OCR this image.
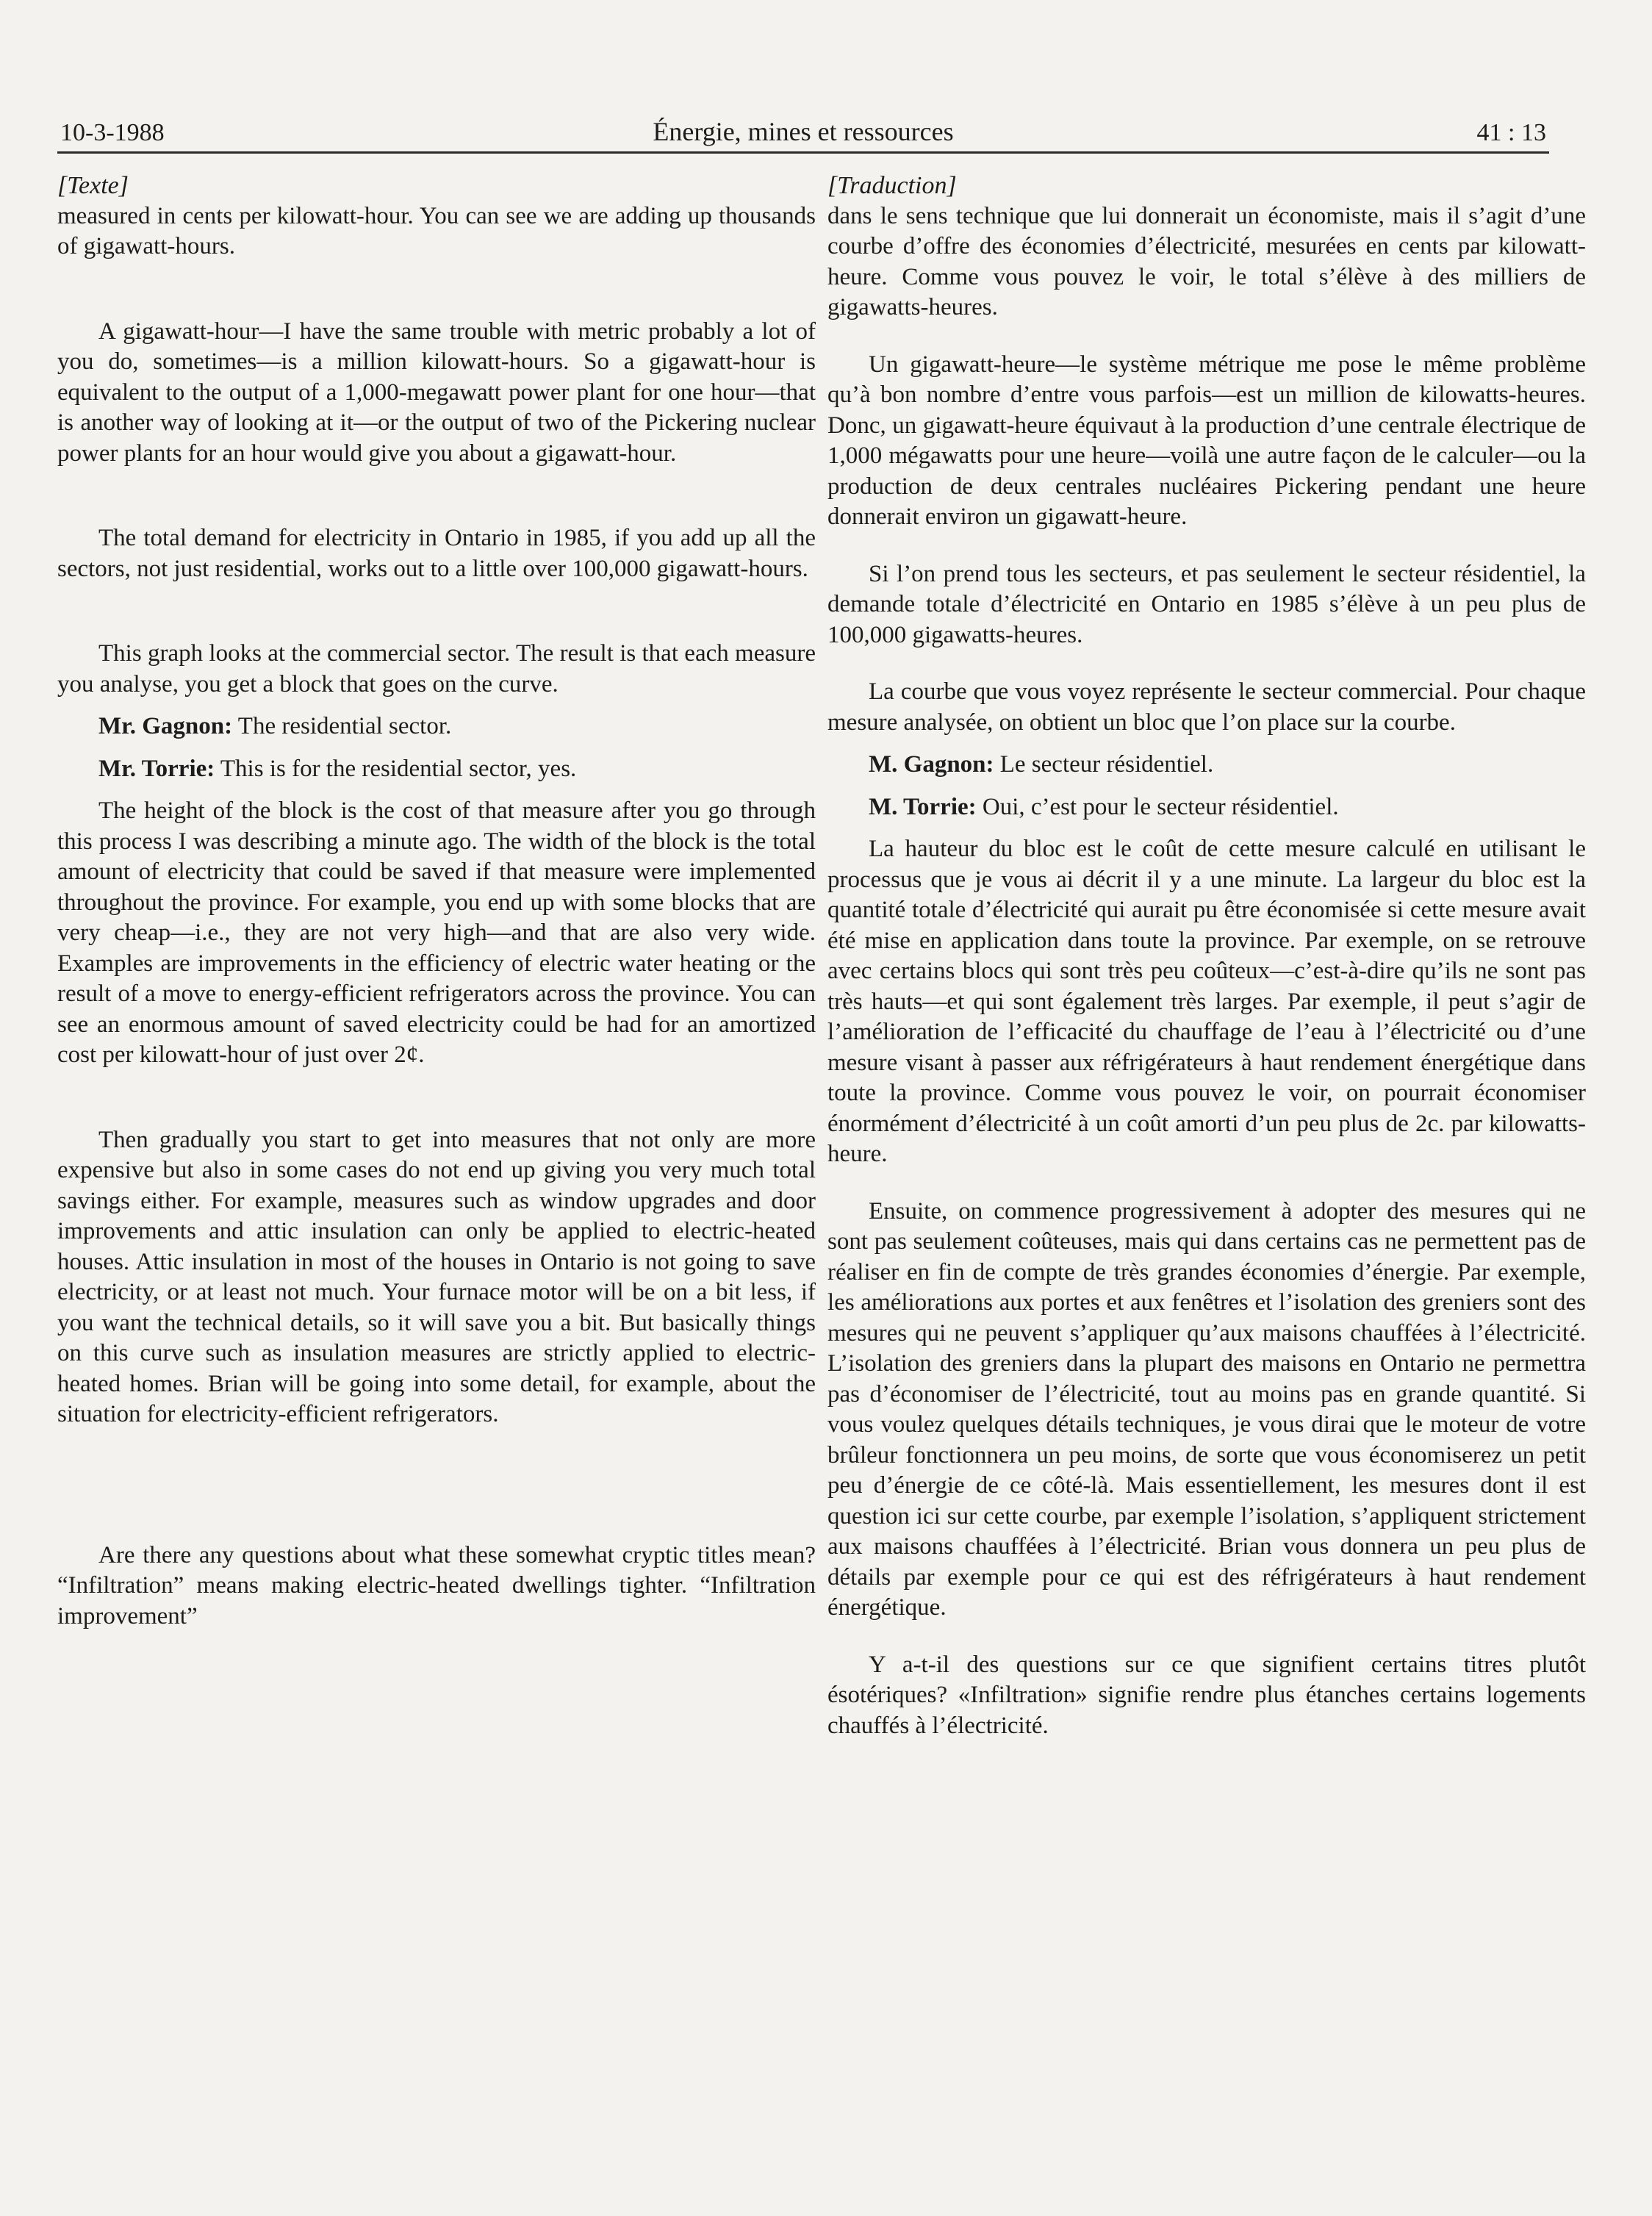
10-3-1988	Énergie, mines et ressources	41 : 13

[Texte]

measured in cents per kilowatt-hour. You can see we are adding up thousands of gigawatt-hours.

A gigawatt-hour—I have the same trouble with metric probably a lot of you do, sometimes—is a million kilowatt-hours. So a gigawatt-hour is equivalent to the output of a 1,000-megawatt power plant for one hour—that is another way of looking at it—or the output of two of the Pickering nuclear power plants for an hour would give you about a gigawatt-hour.

The total demand for electricity in Ontario in 1985, if you add up all the sectors, not just residential, works out to a little over 100,000 gigawatt-hours.

This graph looks at the commercial sector. The result is that each measure you analyse, you get a block that goes on the curve.

Mr. Gagnon: The residential sector.

Mr. Torrie: This is for the residential sector, yes.

The height of the block is the cost of that measure after you go through this process I was describing a minute ago. The width of the block is the total amount of electricity that could be saved if that measure were implemented throughout the province. For example, you end up with some blocks that are very cheap—i.e., they are not very high—and that are also very wide. Examples are improvements in the efficiency of electric water heating or the result of a move to energy-efficient refrigerators across the province. You can see an enormous amount of saved electricity could be had for an amortized cost per kilowatt-hour of just over 2¢.

Then gradually you start to get into measures that not only are more expensive but also in some cases do not end up giving you very much total savings either. For example, measures such as window upgrades and door improvements and attic insulation can only be applied to electric-heated houses. Attic insulation in most of the houses in Ontario is not going to save electricity, or at least not much. Your furnace motor will be on a bit less, if you want the technical details, so it will save you a bit. But basically things on this curve such as insulation measures are strictly applied to electric-heated homes. Brian will be going into some detail, for example, about the situation for electricity-efficient refrigerators.

Are there any questions about what these somewhat cryptic titles mean? “Infiltration” means making electric-heated dwellings tighter. “Infiltration improvement”

[Traduction]

dans le sens technique que lui donnerait un économiste, mais il s’agit d’une courbe d’offre des économies d’électricité, mesurées en cents par kilowatt-heure. Comme vous pouvez le voir, le total s’élève à des milliers de gigawatts-heures.

Un gigawatt-heure—le système métrique me pose le même problème qu’à bon nombre d’entre vous parfois—est un million de kilowatts-heures. Donc, un gigawatt-heure équivaut à la production d’une centrale électrique de 1,000 mégawatts pour une heure—voilà une autre façon de le calculer—ou la production de deux centrales nucléaires Pickering pendant une heure donnerait environ un gigawatt-heure.

Si l’on prend tous les secteurs, et pas seulement le secteur résidentiel, la demande totale d’électricité en Ontario en 1985 s’élève à un peu plus de 100,000 gigawatts-heures.

La courbe que vous voyez représente le secteur commercial. Pour chaque mesure analysée, on obtient un bloc que l’on place sur la courbe.

M. Gagnon: Le secteur résidentiel.

M. Torrie: Oui, c’est pour le secteur résidentiel.

La hauteur du bloc est le coût de cette mesure calculé en utilisant le processus que je vous ai décrit il y a une minute. La largeur du bloc est la quantité totale d’électricité qui aurait pu être économisée si cette mesure avait été mise en application dans toute la province. Par exemple, on se retrouve avec certains blocs qui sont très peu coûteux—c’est-à-dire qu’ils ne sont pas très hauts—et qui sont également très larges. Par exemple, il peut s’agir de l’amélioration de l’efficacité du chauffage de l’eau à l’électricité ou d’une mesure visant à passer aux réfrigérateurs à haut rendement énergétique dans toute la province. Comme vous pouvez le voir, on pourrait économiser énormément d’électricité à un coût amorti d’un peu plus de 2c. par kilowatts-heure.

Ensuite, on commence progressivement à adopter des mesures qui ne sont pas seulement coûteuses, mais qui dans certains cas ne permettent pas de réaliser en fin de compte de très grandes économies d’énergie. Par exemple, les améliorations aux portes et aux fenêtres et l’isolation des greniers sont des mesures qui ne peuvent s’appliquer qu’aux maisons chauffées à l’électricité. L’isolation des greniers dans la plupart des maisons en Ontario ne permettra pas d’économiser de l’électricité, tout au moins pas en grande quantité. Si vous voulez quelques détails techniques, je vous dirai que le moteur de votre brûleur fonctionnera un peu moins, de sorte que vous économiserez un petit peu d’énergie de ce côté-là. Mais essentiellement, les mesures dont il est question ici sur cette courbe, par exemple l’isolation, s’appliquent strictement aux maisons chauffées à l’électricité. Brian vous donnera un peu plus de détails par exemple pour ce qui est des réfrigérateurs à haut rendement énergétique.

Y a-t-il des questions sur ce que signifient certains titres plutôt ésotériques? «Infiltration» signifie rendre plus étanches certains logements chauffés à l’électricité.
